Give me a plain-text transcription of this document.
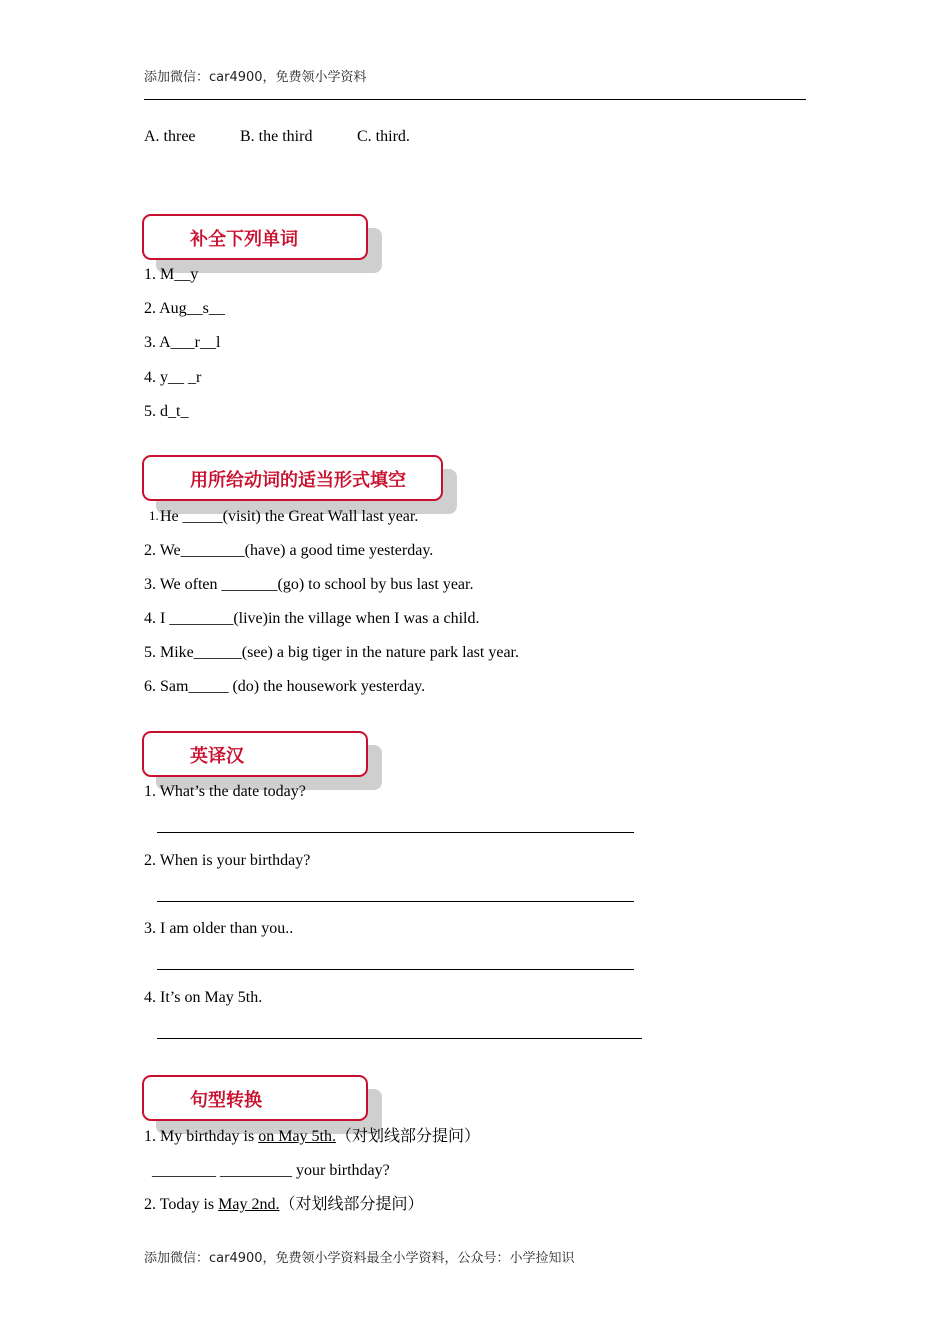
添加微信：car4900，免费领小学资料
A. three	B. the third	C. third.
补全下列单词
1. M__y
2. Aug__s__
3. A___r__l
4. y__ _r
5. d_t_
用所给动词的适当形式填空
1. He _____(visit) the Great Wall last year.
2. We________(have) a good time yesterday.
3. We often _______(go) to school by bus last year.
4. I ________(live)in the village when I was a child.
5. Mike______(see) a big tiger in the nature park last year.
6. Sam_____ (do) the housework yesterday.
英译汉
1. What’s the date today?
2. When is your birthday?
3. I am older than you..
4. It’s on May 5th.
句型转换
1. My birthday is on May 5th.（对划线部分提问）
________ _________ your birthday?
2. Today is May 2nd.（对划线部分提问）
添加微信：car4900，免费领小学资料最全小学资料，公众号：小学捡知识
